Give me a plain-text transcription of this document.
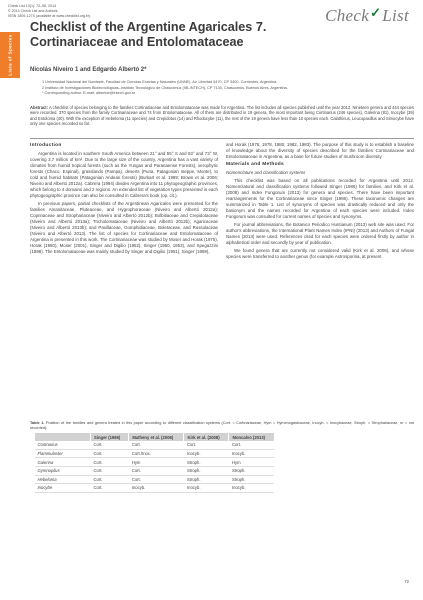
Check List 10(1): 72–96, 2014
© 2014 Check List and Authors
ISSN 1809-127X (available at www.checklist.org.br)	Check✓List
Lists of Species
Checklist of the Argentine Agaricales 7. Cortinariaceae and Entolomataceae
Nicolás Niveiro 1 and Edgardo Albertó 2*
1 Universidad Nacional del Nordeste, Facultad de Ciencias Exactas y Naturales (UNNE). Av. Libertad 5470, CP 3400, Corrientes, Argentina.
2 Instituto de Investigaciones Biotecnológicas–Instituto Tecnológico de Chascomús (IIB-INTECH), CP 7130, Chascomús, Buenos Aires, Argentina.
* Corresponding author. E-mail: albertoe@intech.gov.ar
Abstract: A checklist of species belonging to the families Cortinariaceae and Entolomataceae was made for Argentina. The list includes all species published until the year 2012. Nineteen genera and 444 species were recorded. 370 species from the family Cortinariaceae and 74 from Entolomataceae. All of them are distributed in 19 genera, the most important being Cortinarius (246 species), Galerina (81), Inocybe (39) and Entoloma (40). With the exception of Hebeloma (11 species) and Crepidotus (14) and Rhodocybe (11), the rest of the 19 genera have less than 10 species each. Calathinus, Leucopaxillus and Simocybe have only one species recorded so far.
Introduction

Argentina is located in southern South America between 21° and 55° S and 53° and 73° W, covering 3.7 million of km². Due to the large size of the country, Argentina has a vast variety of climates from humid tropical forests (such as the Yungas and Paranaense Forests), xerophytic forests (Chaco, Espinal), grasslands (Pampa), deserts (Puna, Patagonian steppe, Monte), to cold and humid habitats (Patagonian Andean forests) (Burkart et al. 1999; Brown et al. 2006; Niveiro and Albertó 2012a). Cabrera (1994) divides Argentina into 11 phytogeographic provinces, which belong to 4 domains and 2 regions. An extended list of vegetation types presented in each phytogeographic province can also be consulted in Cabrera's book (op. cit.).

In previous papers, partial checklists of the Argentinean Agaricales were presented for the families Amanitaceae, Pluteaceae, and Hygrophoraceae (Niveiro and Albertó 2012a); Coprinaceae and Strophariaceae (Niveiro and Albertó 2012b); Bolbitiaceae and Crepidotaceae (Niveiro and Albertó 2013a); Tricholomataceae (Niveiro and Albertó 2012b); Agaricaceae (Niveiro and Albertó 2013b); and Paxillaceae, Gomphidiaceae, Boletaceae, and Russulaceae (Niveiro and Albertó 2013). The list of species for Cortinariaceae and Entolomataceae of Argentina is presented in this work. The Cortinariaceae was studied by Moser and Horak (1975), Horak (1980), Moser (2001), Singer and Digilio (1952), Singer (1950, 1953), and Spegazzini (1898). The Entolomataceae was mainly studied by Singer and Digilio (1951), Singer (1969),

and Horak (1976, 1978, 1980, 1982, 1983). The purpose of this study is to establish a baseline of knowledge about the diversity of species described for the families Cortinariaceae and Entolomataceae in Argentina, as a base for future studies of mushroom diversity.

Materials and Methods
Nomenclature and classification systems

This checklist was based on all publications recorded for Argentina until 2012. Nomenclatural and classification systems followed Singer (1986) for families, and Kirk et al. (2008) and Index Fungorum (2013) for genera and species. There have been important rearrangements for the Cortinariaceae since Singer (1986). These taxonomic changes are summarized in Table 1. List of synonyms of species was drastically reduced and only the basionym and the names recorded for Argentina of each species were included. Index Fungorum was consulted for current names of species and synonyms.

For journal abbreviations, the Botanico Periodico Huntianum (2013) web site was used. For author's abbreviations, the International Plant Names Index (IPNI) (2013) and Authors of Fungal Names (2013) were used. References cited for each species were ordered firstly by author in alphabetical order and secondly by year of publication.

We found genera that are currently not considered valid (Kirk et al. 2008), and whose species were transferred to another genus (for example Astrosporina, at present

Table 1. Position of the families and genera treated in this paper according to different classification systems (Cort. = Cortinariaceae, Hym = Hymenogastraceae, Inocyb. = Inocybaceae, Stroph. = Strophariaceae, nr = not recorded).
	Singer (1986)	Matheny et al. (2006)	Kirk et al. (2008)	Moncalvo (2013)
Cortinarius	Cort.	Cort.	Cort.	Cort.
Flammulaster	Cort.	Cort./Inoc.	Inocyb.	Inocyb.
Galerina	Cort.	Hym	Stroph.	Hym
Gymnopilus	Cort.	Cort.	Stroph.	Stroph.
Hebeloma	Cort.	Cort.	Stroph.	Stroph.
Inocybe	Cort.	Inocyb.	Inocyb.	Inocyb.
72
